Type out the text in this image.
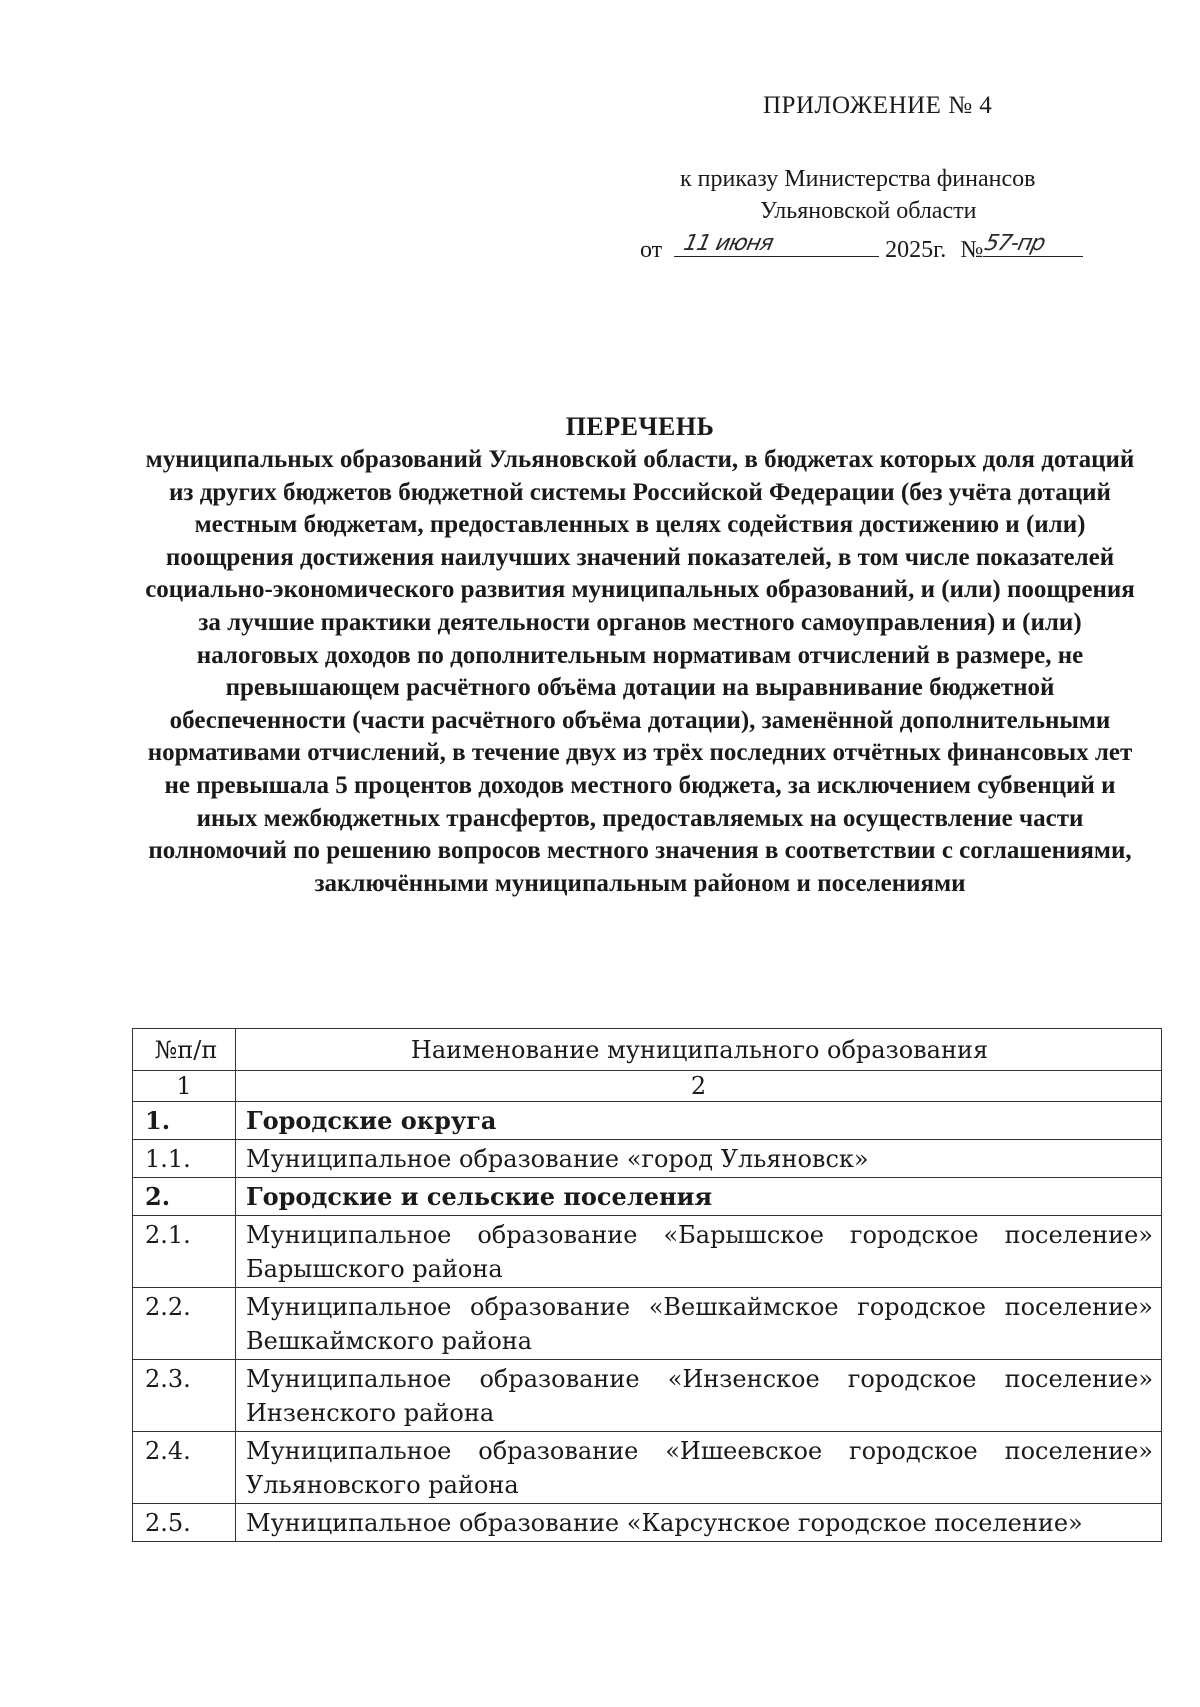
ПРИЛОЖЕНИЕ № 4
к приказу Министерства финансов
Ульяновской области
от 11 июня	2025г. № 57-пр
ПЕРЕЧЕНЬ
муниципальных образований Ульяновской области, в бюджетах которых доля дотаций из других бюджетов бюджетной системы Российской Федерации (без учёта дотаций местным бюджетам, предоставленных в целях содействия достижению и (или) поощрения достижения наилучших значений показателей, в том числе показателей социально-экономического развития муниципальных образований, и (или) поощрения за лучшие практики деятельности органов местного самоуправления) и (или) налоговых доходов по дополнительным нормативам отчислений в размере, не превышающем расчётного объёма дотации на выравнивание бюджетной обеспеченности (части расчётного объёма дотации), заменённой дополнительными нормативами отчислений, в течение двух из трёх последних отчётных финансовых лет не превышала 5 процентов доходов местного бюджета, за исключением субвенций и иных межбюджетных трансфертов, предоставляемых на осуществление части полномочий по решению вопросов местного значения в соответствии с соглашениями, заключёнными муниципальным районом и поселениями
№п/п	Наименование муниципального образования
1	2
1.	Городские округа
1.1.	Муниципальное образование «город Ульяновск»
2.	Городские и сельские поселения
2.1.	Муниципальное образование «Барышское городское поселение» Барышского района
2.2.	Муниципальное образование «Вешкаймское городское поселение» Вешкаймского района
2.3.	Муниципальное образование «Инзенское городское поселение» Инзенского района
2.4.	Муниципальное образование «Ишеевское городское поселение» Ульяновского района
2.5.	Муниципальное образование «Карсунское городское поселение»
